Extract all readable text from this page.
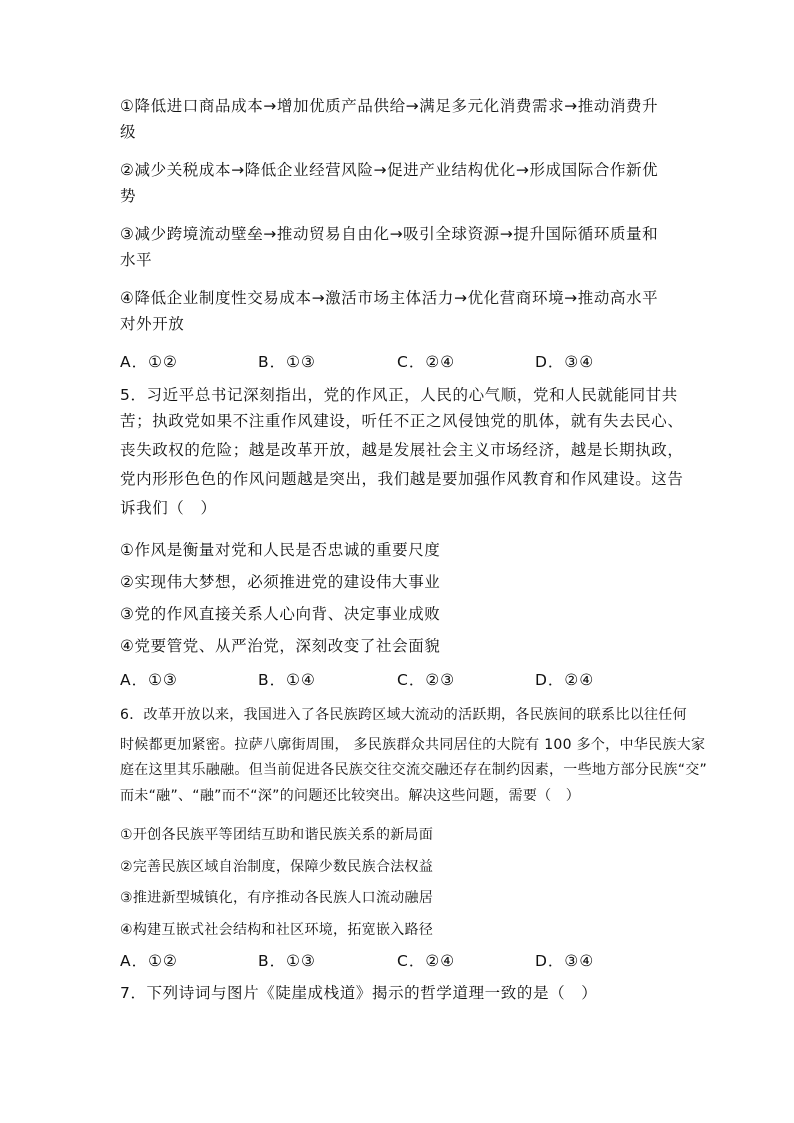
①降低进口商品成本→增加优质产品供给→满足多元化消费需求→推动消费升
级
②减少关税成本→降低企业经营风险→促进产业结构优化→形成国际合作新优
势
③减少跨境流动壁垒→推动贸易自由化→吸引全球资源→提升国际循环质量和
水平
④降低企业制度性交易成本→激活市场主体活力→优化营商环境→推动高水平
对外开放
A．①②	B．①③	C．②④	D．③④
5．习近平总书记深刻指出，党的作风正，人民的心气顺，党和人民就能同甘共
苦；执政党如果不注重作风建设，听任不正之风侵蚀党的肌体，就有失去民心、
丧失政权的危险；越是改革开放，越是发展社会主义市场经济，越是长期执政，
党内形形色色的作风问题越是突出，我们越是要加强作风教育和作风建设。这告
诉我们（　）
①作风是衡量对党和人民是否忠诚的重要尺度
②实现伟大梦想，必须推进党的建设伟大事业
③党的作风直接关系人心向背、决定事业成败
④党要管党、从严治党，深刻改变了社会面貌
A．①③	B．①④	C．②③	D．②④
6．改革开放以来，我国进入了各民族跨区域大流动的活跃期，各民族间的联系比以往任何
时候都更加紧密。拉萨八廓街周围， 多民族群众共同居住的大院有 100 多个，中华民族大家
庭在这里其乐融融。但当前促进各民族交往交流交融还存在制约因素，一些地方部分民族“交”
而未“融”、“融”而不“深”的问题还比较突出。解决这些问题，需要（　）
①开创各民族平等团结互助和谐民族关系的新局面
②完善民族区域自治制度，保障少数民族合法权益
③推进新型城镇化，有序推动各民族人口流动融居
④构建互嵌式社会结构和社区环境，拓宽嵌入路径
A．①②	B．①③	C．②④	D．③④
7．下列诗词与图片《陡崖成栈道》揭示的哲学道理一致的是（　）
